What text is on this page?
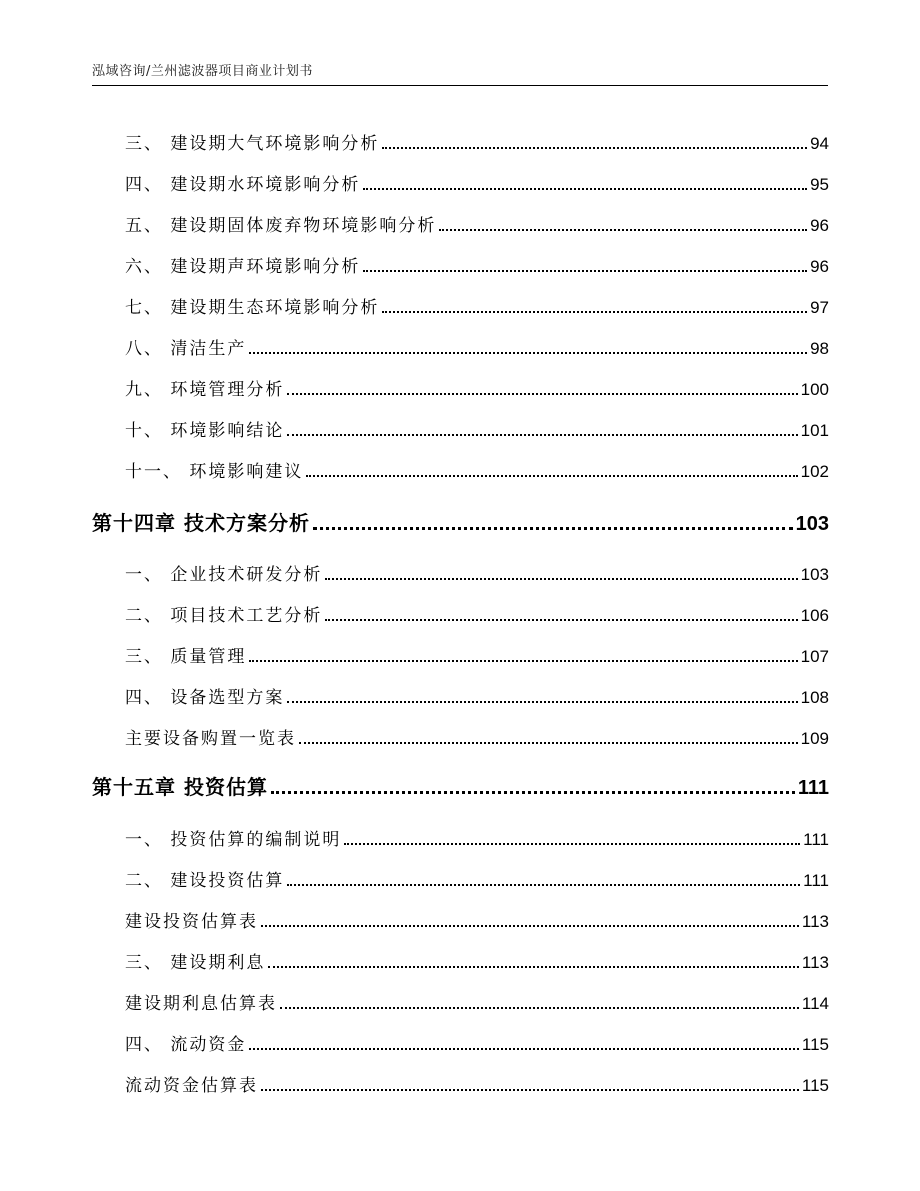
泓域咨询/兰州滤波器项目商业计划书
三、 建设期大气环境影响分析	94
四、 建设期水环境影响分析	95
五、 建设期固体废弃物环境影响分析	96
六、 建设期声环境影响分析	96
七、 建设期生态环境影响分析	97
八、 清洁生产	98
九、 环境管理分析	100
十、 环境影响结论	101
十一、 环境影响建议	102
第十四章 技术方案分析	103
一、 企业技术研发分析	103
二、 项目技术工艺分析	106
三、 质量管理	107
四、 设备选型方案	108
主要设备购置一览表	109
第十五章 投资估算	111
一、 投资估算的编制说明	111
二、 建设投资估算	111
建设投资估算表	113
三、 建设期利息	113
建设期利息估算表	114
四、 流动资金	115
流动资金估算表	115
